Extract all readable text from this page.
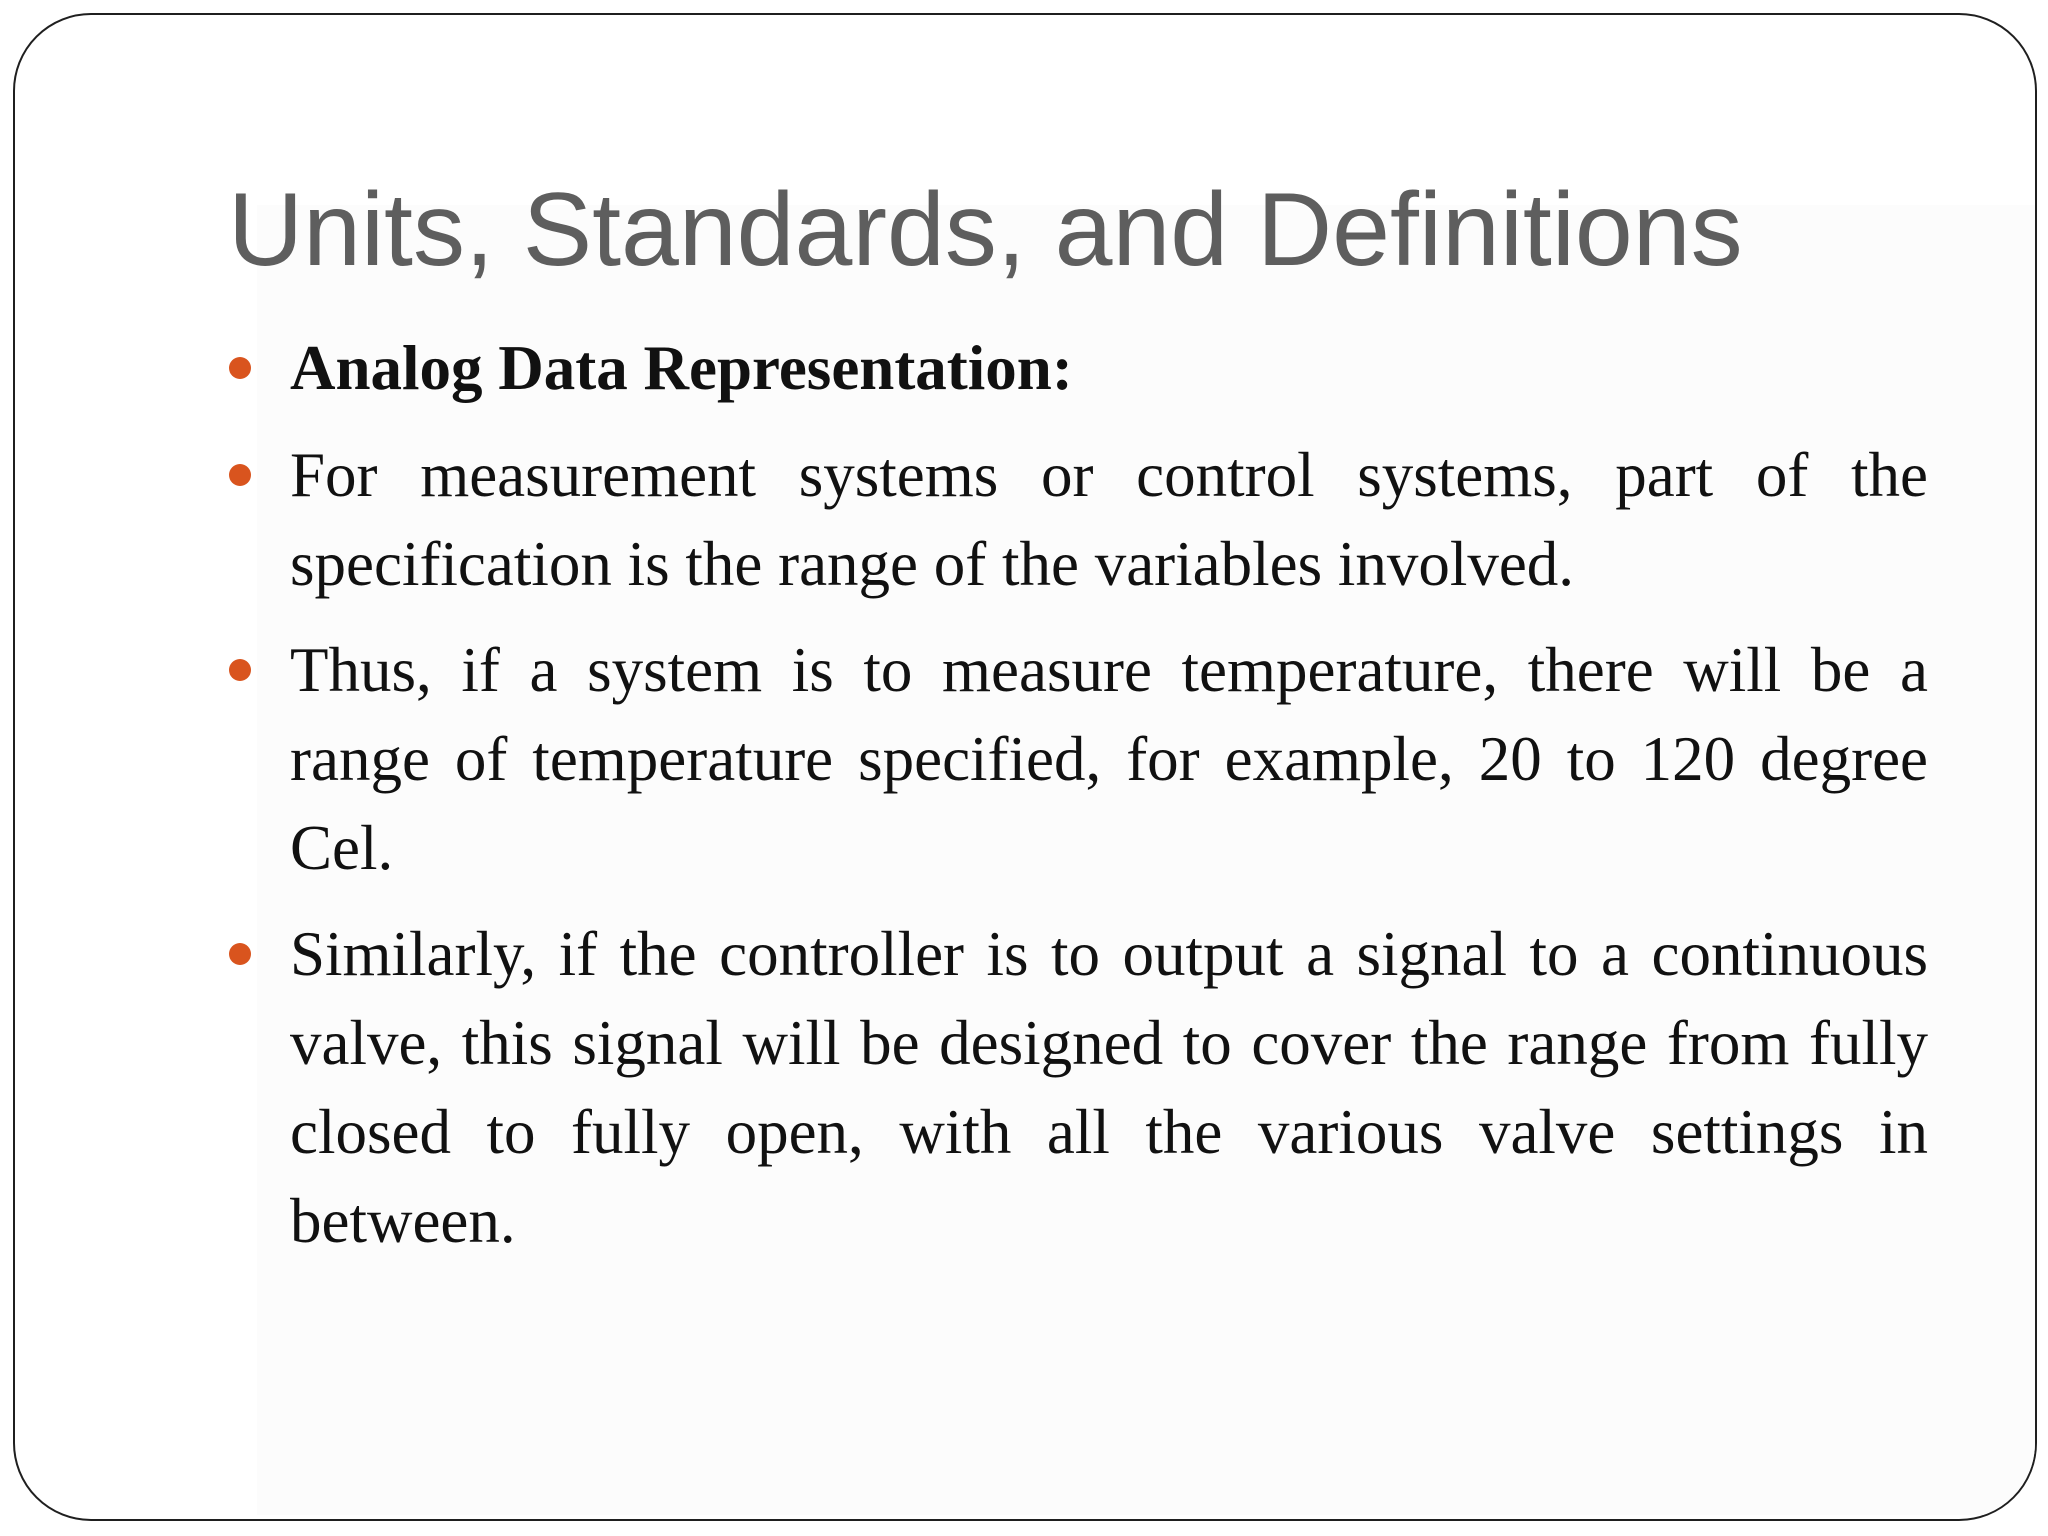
Units, Standards, and Definitions
Analog Data Representation:
For measurement systems or control systems, part of the specification is the range of the variables involved.
Thus, if a system is to measure temperature, there will be a range of temperature specified, for example, 20 to 120 degree Cel.
Similarly, if the controller is to output a signal to a continuous valve, this signal will be designed to cover the range from fully closed to fully open, with all the various valve settings in between.
